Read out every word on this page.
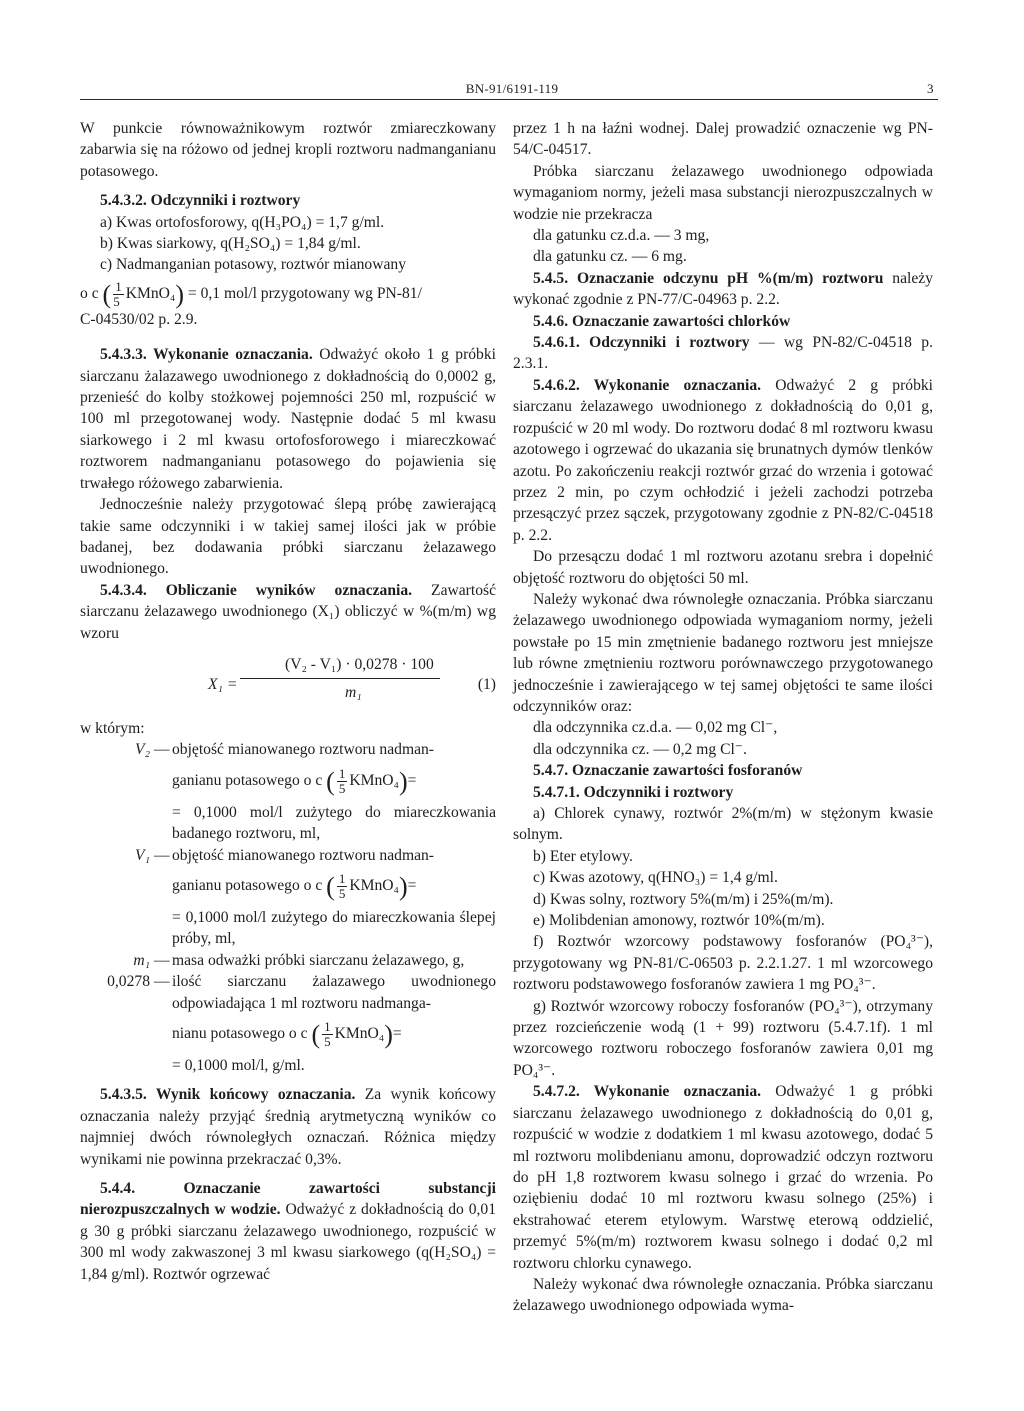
BN-91/6191-119	3

W punkcie równoważnikowym roztwór zmiareczkowany zabarwia się na różowo od jednej kropli roztworu nadmanganianu potasowego.

5.4.3.2. Odczynniki i roztwory

a) Kwas ortofosforowy, q(H₃PO₄) = 1,7 g/ml.

b) Kwas siarkowy, q(H₂SO₄) = 1,84 g/ml.

c) Nadmanganian potasowy, roztwór mianowany

o c ( $\frac{1}{5}$ KMnO₄) = 0,1 mol/l przygotowany wg PN-81/

C-04530/02 p. 2.9.

5.4.3.3. Wykonanie oznaczania. Odważyć około 1 g próbki siarczanu żalazawego uwodnionego z dokładnością do 0,0002 g, przenieść do kolby stożkowej pojemności 250 ml, rozpuścić w 100 ml przegotowanej wody. Następnie dodać 5 ml kwasu siarkowego i 2 ml kwasu ortofosforowego i miareczkować roztworem nadmanganianu potasowego do pojawienia się trwałego różowego zabarwienia.

Jednocześnie należy przygotować ślepą próbę zawierającą takie same odczynniki i w takiej samej ilości jak w próbie badanej, bez dodawania próbki siarczanu żelazawego uwodnionego.

5.4.3.4. Obliczanie wyników oznaczania. Zawartość siarczanu żelazawego uwodnionego (X₁) obliczyć w %(m/m) wg wzoru

X₁ =
(V₂ - V₁) · 0,0278 · 100
m₁	(1)

w którym:

V₂ — objętość mianowanego roztworu nadman-
ganianu potasowego o c ( $\frac{1}{5}$ KMnO₄)=
= 0,1000 mol/l zużytego do miareczkowania badanego roztworu, ml,
V₁ — objętość mianowanego roztworu nadman-
ganianu potasowego o c ( $\frac{1}{5}$ KMnO₄)=
= 0,1000 mol/l zużytego do miareczkowania ślepej próby, ml,
m₁ — masa odważki próbki siarczanu żelazawego, g,
0,0278 — ilość siarczanu żalazawego uwodnionego odpowiadająca 1 ml roztworu nadmanga-
nianu potasowego o c ( $\frac{1}{5}$ KMnO₄)=
= 0,1000 mol/l, g/ml.

5.4.3.5. Wynik końcowy oznaczania. Za wynik końcowy oznaczania należy przyjąć średnią arytmetyczną wyników co najmniej dwóch równoległych oznaczań. Różnica między wynikami nie powinna przekraczać 0,3%.

5.4.4. Oznaczanie zawartości substancji nierozpuszczalnych w wodzie. Odważyć z dokładnością do 0,01 g 30 g próbki siarczanu żelazawego uwodnionego, rozpuścić w 300 ml wody zakwaszonej 3 ml kwasu siarkowego (q(H₂SO₄) = 1,84 g/ml). Roztwór ogrzewać

przez 1 h na łaźni wodnej. Dalej prowadzić oznaczenie wg PN-54/C-04517.

Próbka siarczanu żelazawego uwodnionego odpowiada wymaganiom normy, jeżeli masa substancji nierozpuszczalnych w wodzie nie przekracza

dla gatunku cz.d.a. — 3 mg,

dla gatunku cz. — 6 mg.

5.4.5. Oznaczanie odczynu pH %(m/m) roztworu należy wykonać zgodnie z PN-77/C-04963 p. 2.2.

5.4.6. Oznaczanie zawartości chlorków

5.4.6.1. Odczynniki i roztwory — wg PN-82/C-04518 p. 2.3.1.

5.4.6.2. Wykonanie oznaczania. Odważyć 2 g próbki siarczanu żelazawego uwodnionego z dokładnością do 0,01 g, rozpuścić w 20 ml wody. Do roztworu dodać 8 ml roztworu kwasu azotowego i ogrzewać do ukazania się brunatnych dymów tlenków azotu. Po zakończeniu reakcji roztwór grzać do wrzenia i gotować przez 2 min, po czym ochłodzić i jeżeli zachodzi potrzeba przesączyć przez sączek, przygotowany zgodnie z PN-82/C-04518 p. 2.2.

Do przesączu dodać 1 ml roztworu azotanu srebra i dopełnić objętość roztworu do objętości 50 ml.

Należy wykonać dwa równoległe oznaczania. Próbka siarczanu żelazawego uwodnionego odpowiada wymaganiom normy, jeżeli powstałe po 15 min zmętnienie badanego roztworu jest mniejsze lub równe zmętnieniu roztworu porównawczego przygotowanego jednocześnie i zawierającego w tej samej objętości te same ilości odczynników oraz:

dla odczynnika cz.d.a. — 0,02 mg Cl⁻,

dla odczynnika cz. — 0,2 mg Cl⁻.

5.4.7. Oznaczanie zawartości fosforanów

5.4.7.1. Odczynniki i roztwory

a) Chlorek cynawy, roztwór 2%(m/m) w stężonym kwasie solnym.

b) Eter etylowy.

c) Kwas azotowy, q(HNO₃) = 1,4 g/ml.

d) Kwas solny, roztwory 5%(m/m) i 25%(m/m).

e) Molibdenian amonowy, roztwór 10%(m/m).

f) Roztwór wzorcowy podstawowy fosforanów (PO₄³⁻), przygotowany wg PN-81/C-06503 p. 2.2.1.27. 1 ml wzorcowego roztworu podstawowego fosforanów zawiera 1 mg PO₄³⁻.

g) Roztwór wzorcowy roboczy fosforanów (PO₄³⁻), otrzymany przez rozcieńczenie wodą (1 + 99) roztworu (5.4.7.1f). 1 ml wzorcowego roztworu roboczego fosforanów zawiera 0,01 mg PO₄³⁻.

5.4.7.2. Wykonanie oznaczania. Odważyć 1 g próbki siarczanu żelazawego uwodnionego z dokładnością do 0,01 g, rozpuścić w wodzie z dodatkiem 1 ml kwasu azotowego, dodać 5 ml roztworu molibdenianu amonu, doprowadzić odczyn roztworu do pH 1,8 roztworem kwasu solnego i grzać do wrzenia. Po oziębieniu dodać 10 ml roztworu kwasu solnego (25%) i ekstrahować eterem etylowym. Warstwę eterową oddzielić, przemyć 5%(m/m) roztworem kwasu solnego i dodać 0,2 ml roztworu chlorku cynawego.

Należy wykonać dwa równoległe oznaczania. Próbka siarczanu żelazawego uwodnionego odpowiada wyma-
